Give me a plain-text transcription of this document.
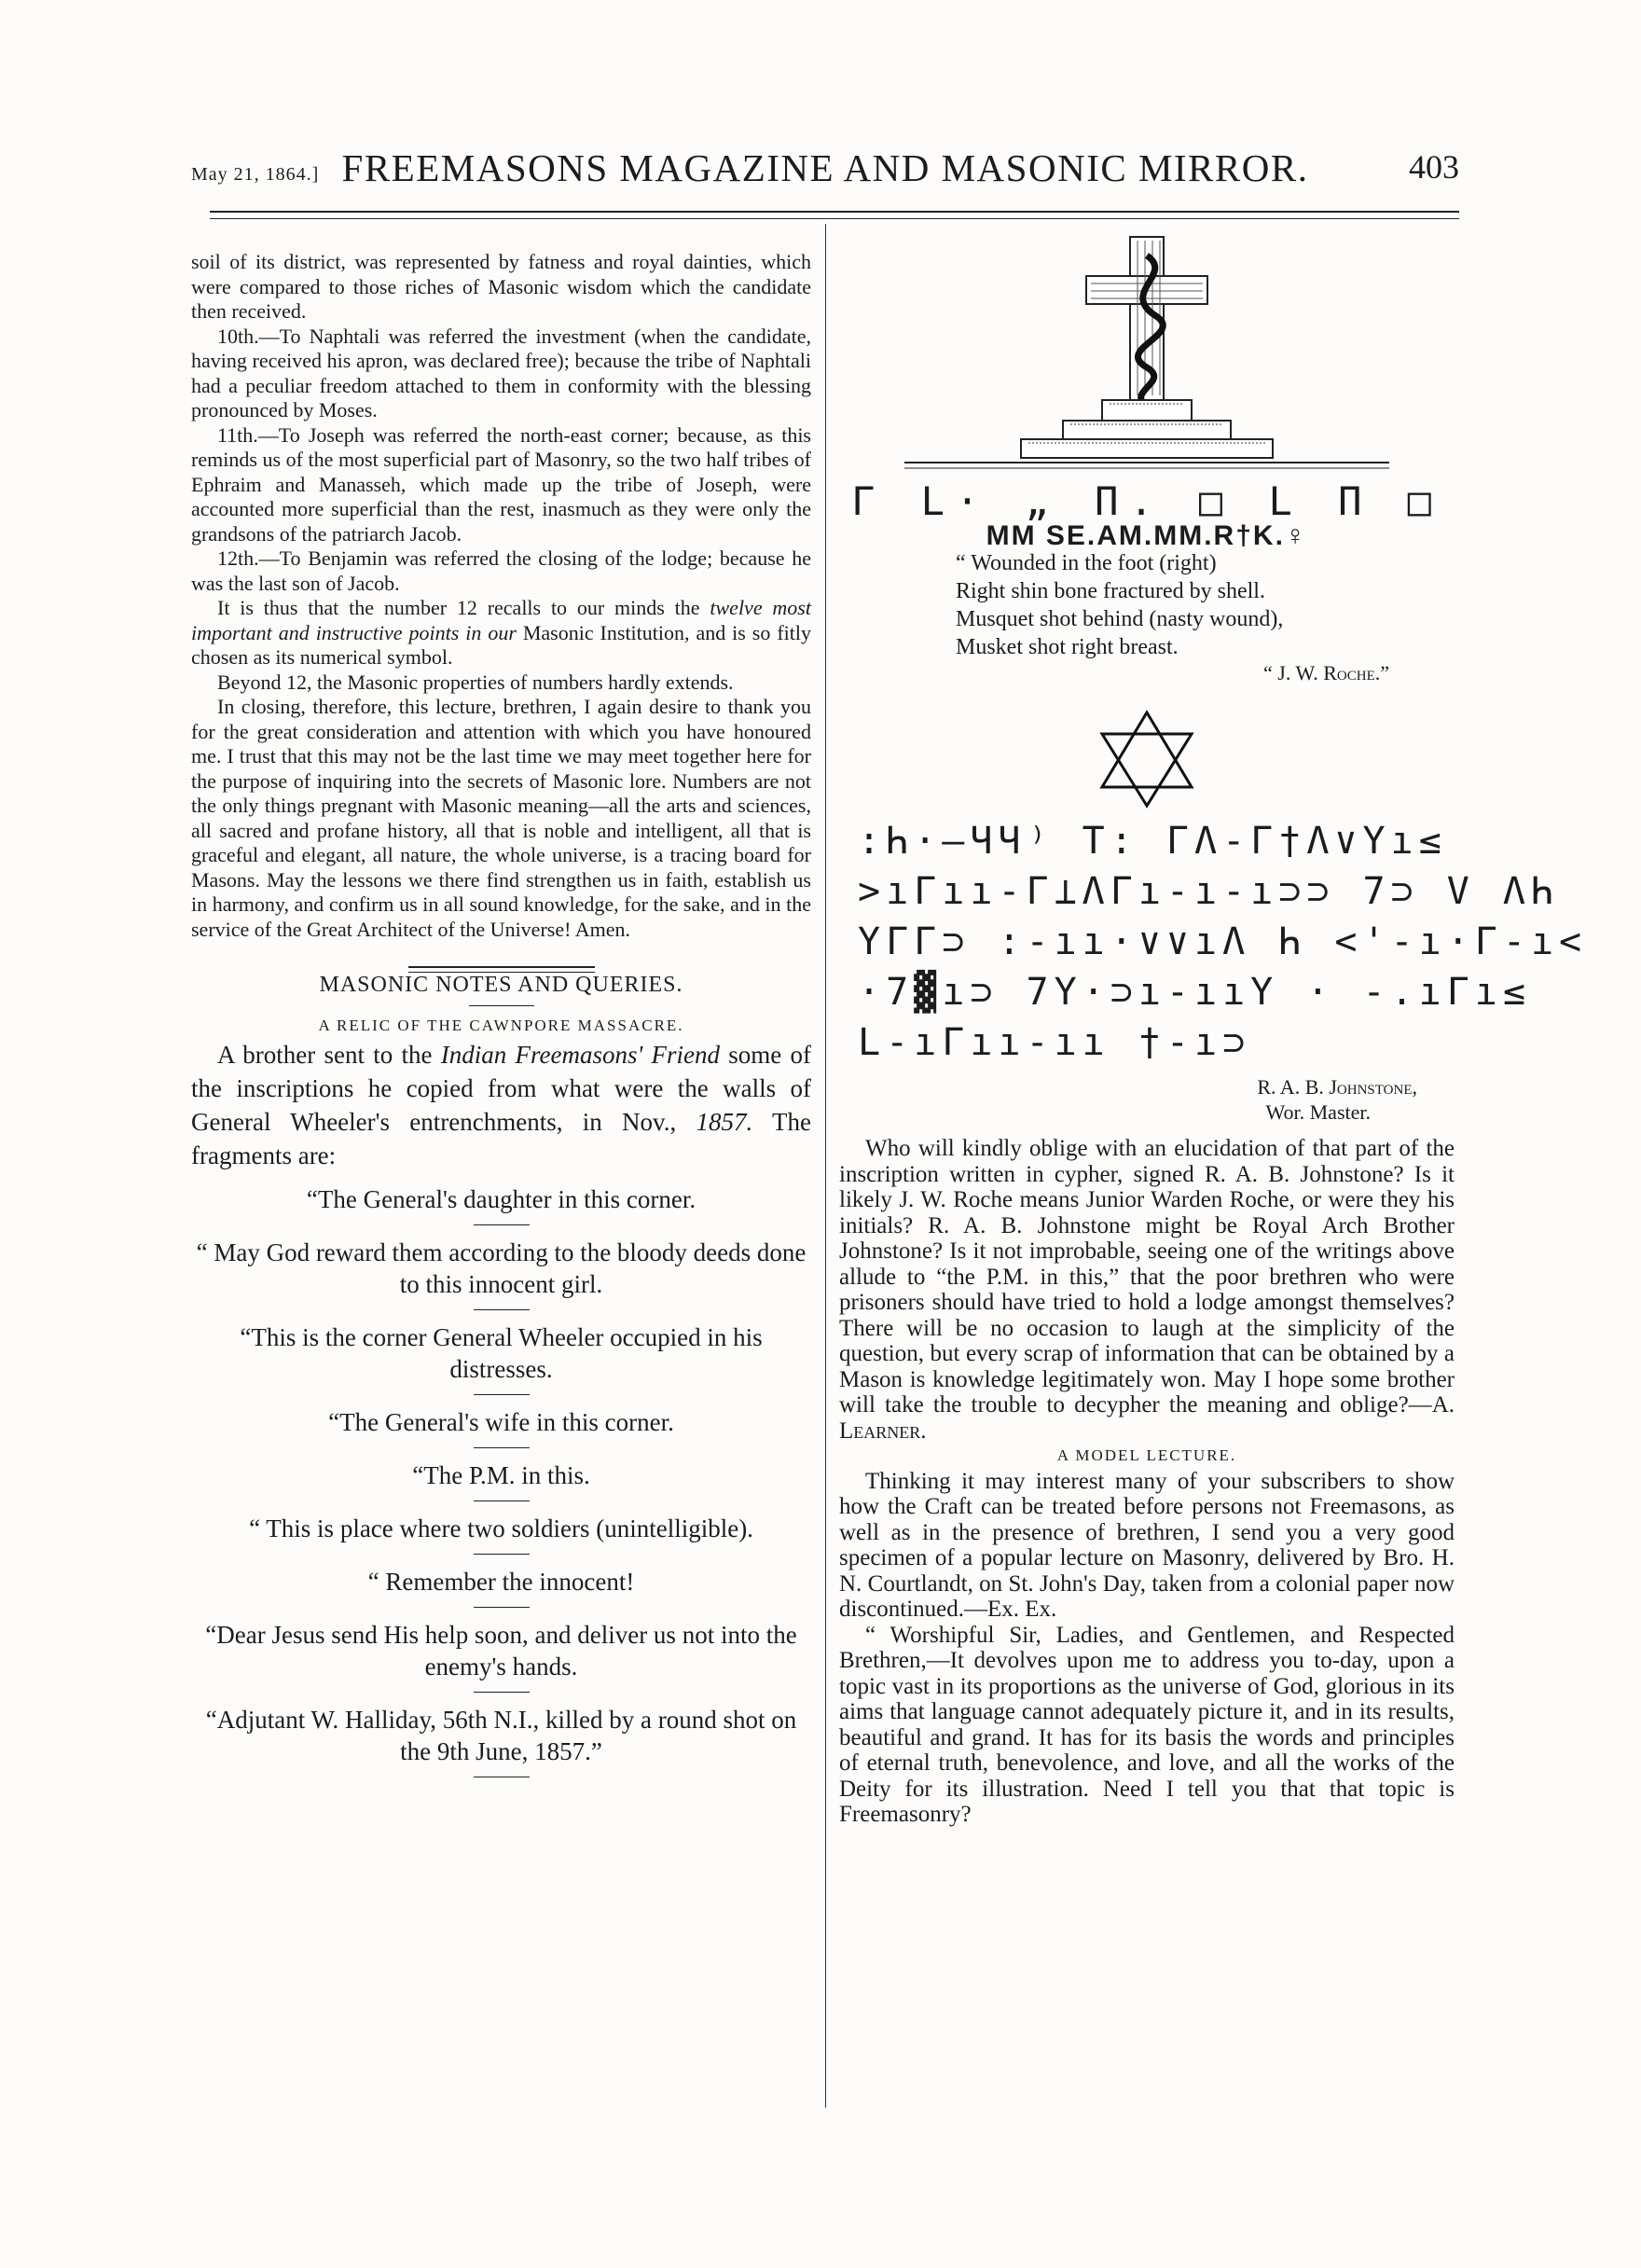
May 21, 1864.] FREEMASONS MAGAZINE AND MASONIC MIRROR.	403

soil of its district, was represented by fatness and royal dainties, which were compared to those riches of Masonic wisdom which the candidate then received.

10th.—To Naphtali was referred the investment (when the candidate, having received his apron, was declared free); because the tribe of Naphtali had a peculiar freedom attached to them in conformity with the blessing pronounced by Moses.

11th.—To Joseph was referred the north-east corner; because, as this reminds us of the most superficial part of Masonry, so the two half tribes of Ephraim and Manasseh, which made up the tribe of Joseph, were accounted more superficial than the rest, inasmuch as they were only the grandsons of the patriarch Jacob.

12th.—To Benjamin was referred the closing of the lodge; because he was the last son of Jacob.

It is thus that the number 12 recalls to our minds the twelve most important and instructive points in our Masonic Institution, and is so fitly chosen as its numerical symbol.

Beyond 12, the Masonic properties of numbers hardly extends.

In closing, therefore, this lecture, brethren, I again desire to thank you for the great consideration and attention with which you have honoured me. I trust that this may not be the last time we may meet together here for the purpose of inquiring into the secrets of Masonic lore. Numbers are not the only things pregnant with Masonic meaning—all the arts and sciences, all sacred and profane history, all that is noble and intelligent, all that is graceful and elegant, all nature, the whole universe, is a tracing board for Masons. May the lessons we there find strengthen us in faith, establish us in harmony, and confirm us in all sound knowledge, for the sake, and in the service of the Great Architect of the Universe! Amen.

MASONIC NOTES AND QUERIES.

A RELIC OF THE CAWNPORE MASSACRE.

A brother sent to the Indian Freemasons' Friend some of the inscriptions he copied from what were the walls of General Wheeler's entrenchments, in Nov., 1857. The fragments are:

“The General's daughter in this corner.

“ May God reward them according to the bloody deeds done to this innocent girl.

“This is the corner General Wheeler occupied in his distresses.

“The General's wife in this corner.

“The P.M. in this.

“ This is place where two soldiers (unintelligible).

“ Remember the innocent!

“Dear Jesus send His help soon, and deliver us not into the enemy's hands.

“Adjutant W. Halliday, 56th N.I., killed by a round shot on the 9th June, 1857.”

Γ L· „ П. □ L П □

MM SE.AM.MM.R†K.♀

“ Wounded in the foot (right)
Right shin bone fractured by shell.
Musquet shot behind (nasty wound),
Musket shot right breast.

“ J. W. Roche.”

:Һ·—ЧЧ⁾ T: ΓΛ-Γ†Λ∨Үı≤
>ıΓıı-Γ⊥ΛΓı-ı-ı⊃⊃ 7⊃ V ΛҺ
ҮΓΓ⊃ :-ıı·∨∨ıΛ Һ <'-ı·Γ-ı<
·7▓ı⊃ 7Ү·⊃ı-ııҮ · -.ıΓı≤
L-ıΓıı-ıı †-ı⊃

R. A. B. Johnstone,

Wor. Master.

Who will kindly oblige with an elucidation of that part of the inscription written in cypher, signed R. A. B. Johnstone? Is it likely J. W. Roche means Junior Warden Roche, or were they his initials? R. A. B. Johnstone might be Royal Arch Brother Johnstone? Is it not improbable, seeing one of the writings above allude to “the P.M. in this,” that the poor brethren who were prisoners should have tried to hold a lodge amongst themselves? There will be no occasion to laugh at the simplicity of the question, but every scrap of information that can be obtained by a Mason is knowledge legitimately won. May I hope some brother will take the trouble to decypher the meaning and oblige?—A. Learner.

A MODEL LECTURE.

Thinking it may interest many of your subscribers to show how the Craft can be treated before persons not Freemasons, as well as in the presence of brethren, I send you a very good specimen of a popular lecture on Masonry, delivered by Bro. H. N. Courtlandt, on St. John's Day, taken from a colonial paper now discontinued.—Ex. Ex.

“ Worshipful Sir, Ladies, and Gentlemen, and Respected Brethren,—It devolves upon me to address you to-day, upon a topic vast in its proportions as the universe of God, glorious in its aims that language cannot adequately picture it, and in its results, beautiful and grand. It has for its basis the words and principles of eternal truth, benevolence, and love, and all the works of the Deity for its illustration. Need I tell you that that topic is Freemasonry?
